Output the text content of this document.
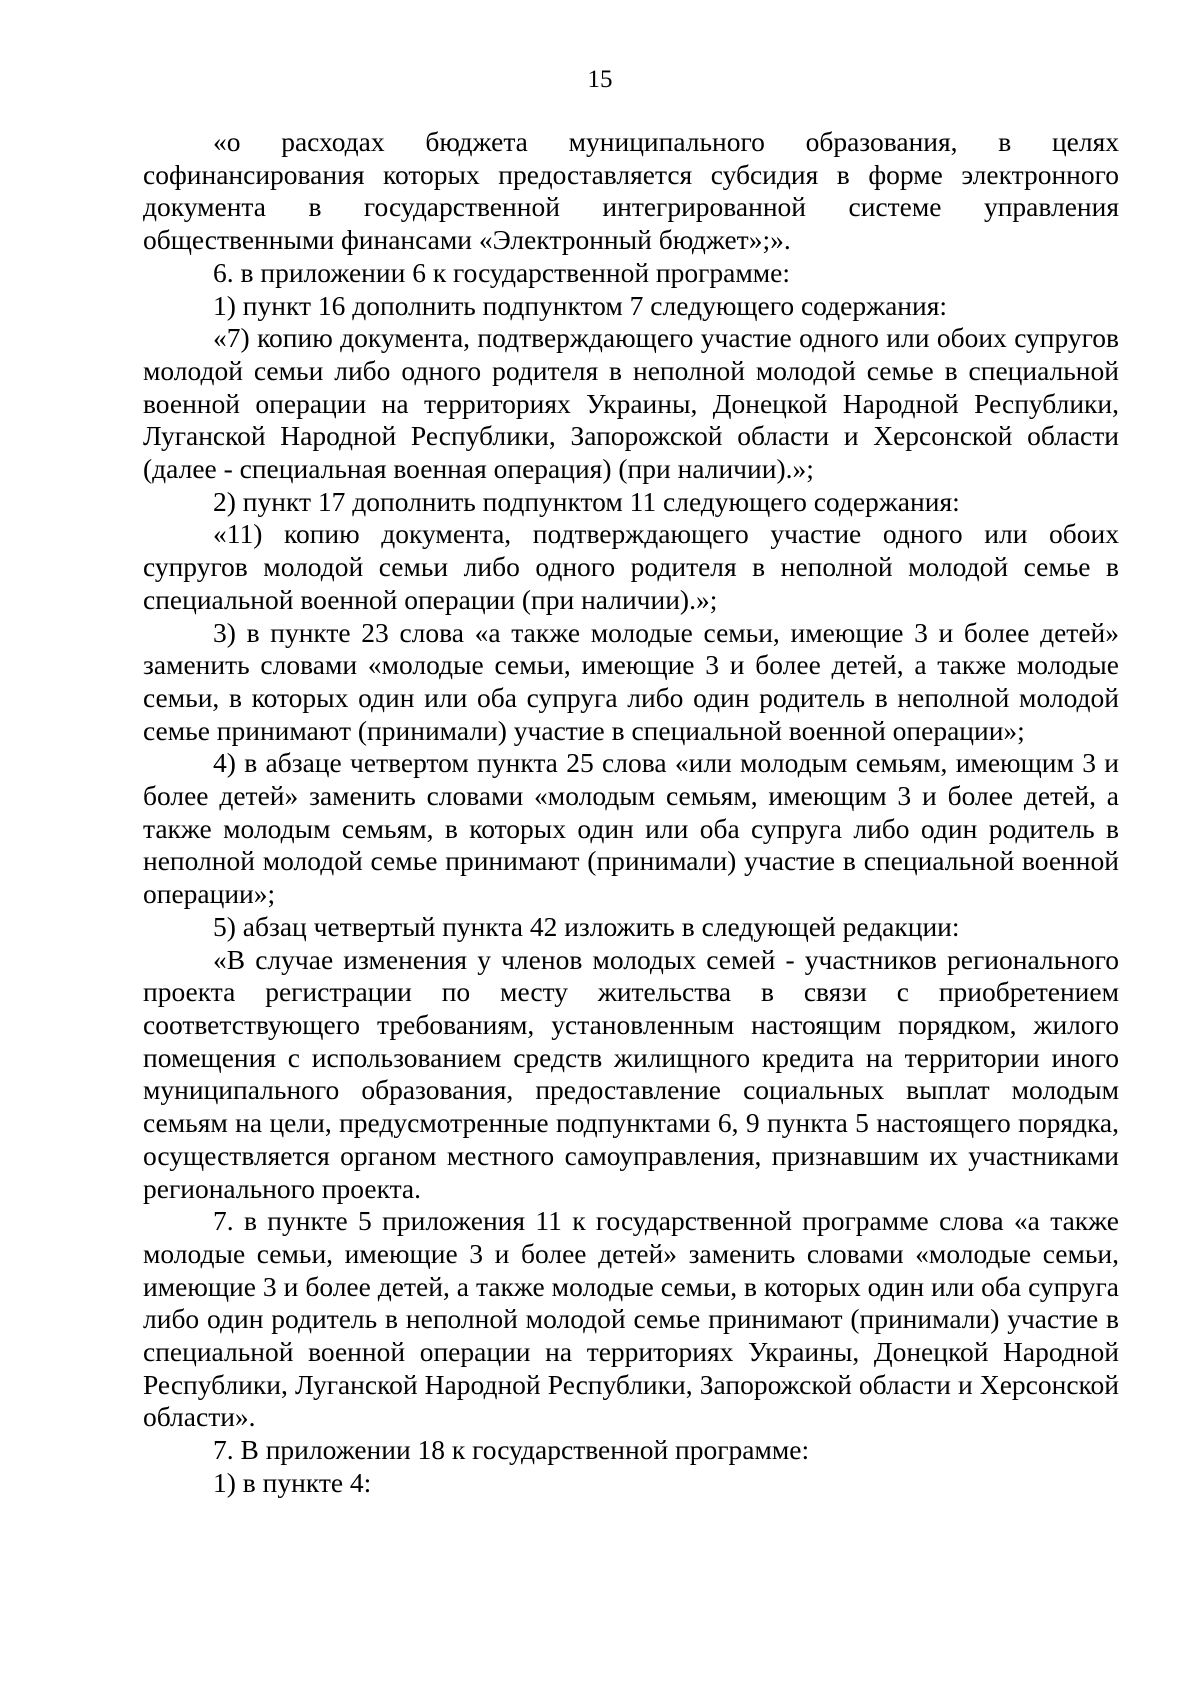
15

«о расходах бюджета муниципального образования, в целях софинансирования которых предоставляется субсидия в форме электронного документа в государственной интегрированной системе управления общественными финансами «Электронный бюджет»;».

6. в приложении 6 к государственной программе:

1) пункт 16 дополнить подпунктом 7 следующего содержания:

«7) копию документа, подтверждающего участие одного или обоих супругов молодой семьи либо одного родителя в неполной молодой семье в специальной военной операции на территориях Украины, Донецкой Народной Республики, Луганской Народной Республики, Запорожской области и Херсонской области (далее - специальная военная операция) (при наличии).»;

2) пункт 17 дополнить подпунктом 11 следующего содержания:

«11) копию документа, подтверждающего участие одного или обоих супругов молодой семьи либо одного родителя в неполной молодой семье в специальной военной операции (при наличии).»;

3) в пункте 23 слова «а также молодые семьи, имеющие 3 и более детей» заменить словами «молодые семьи, имеющие 3 и более детей, а также молодые семьи, в которых один или оба супруга либо один родитель в неполной молодой семье принимают (принимали) участие в специальной военной операции»;

4) в абзаце четвертом пункта 25 слова «или молодым семьям, имеющим 3 и более детей» заменить словами «молодым семьям, имеющим 3 и более детей, а также молодым семьям, в которых один или оба супруга либо один родитель в неполной молодой семье принимают (принимали) участие в специальной военной операции»;

5) абзац четвертый пункта 42 изложить в следующей редакции:

«В случае изменения у членов молодых семей - участников регионального проекта регистрации по месту жительства в связи с приобретением соответствующего требованиям, установленным настоящим порядком, жилого помещения с использованием средств жилищного кредита на территории иного муниципального образования, предоставление социальных выплат молодым семьям на цели, предусмотренные подпунктами 6, 9 пункта 5 настоящего порядка, осуществляется органом местного самоуправления, признавшим их участниками регионального проекта.

7. в пункте 5 приложения 11 к государственной программе слова «а также молодые семьи, имеющие 3 и более детей» заменить словами «молодые семьи, имеющие 3 и более детей, а также молодые семьи, в которых один или оба супруга либо один родитель в неполной молодой семье принимают (принимали) участие в специальной военной операции на территориях Украины, Донецкой Народной Республики, Луганской Народной Республики, Запорожской области и Херсонской области».

7. В приложении 18 к государственной программе:

1) в пункте 4:
